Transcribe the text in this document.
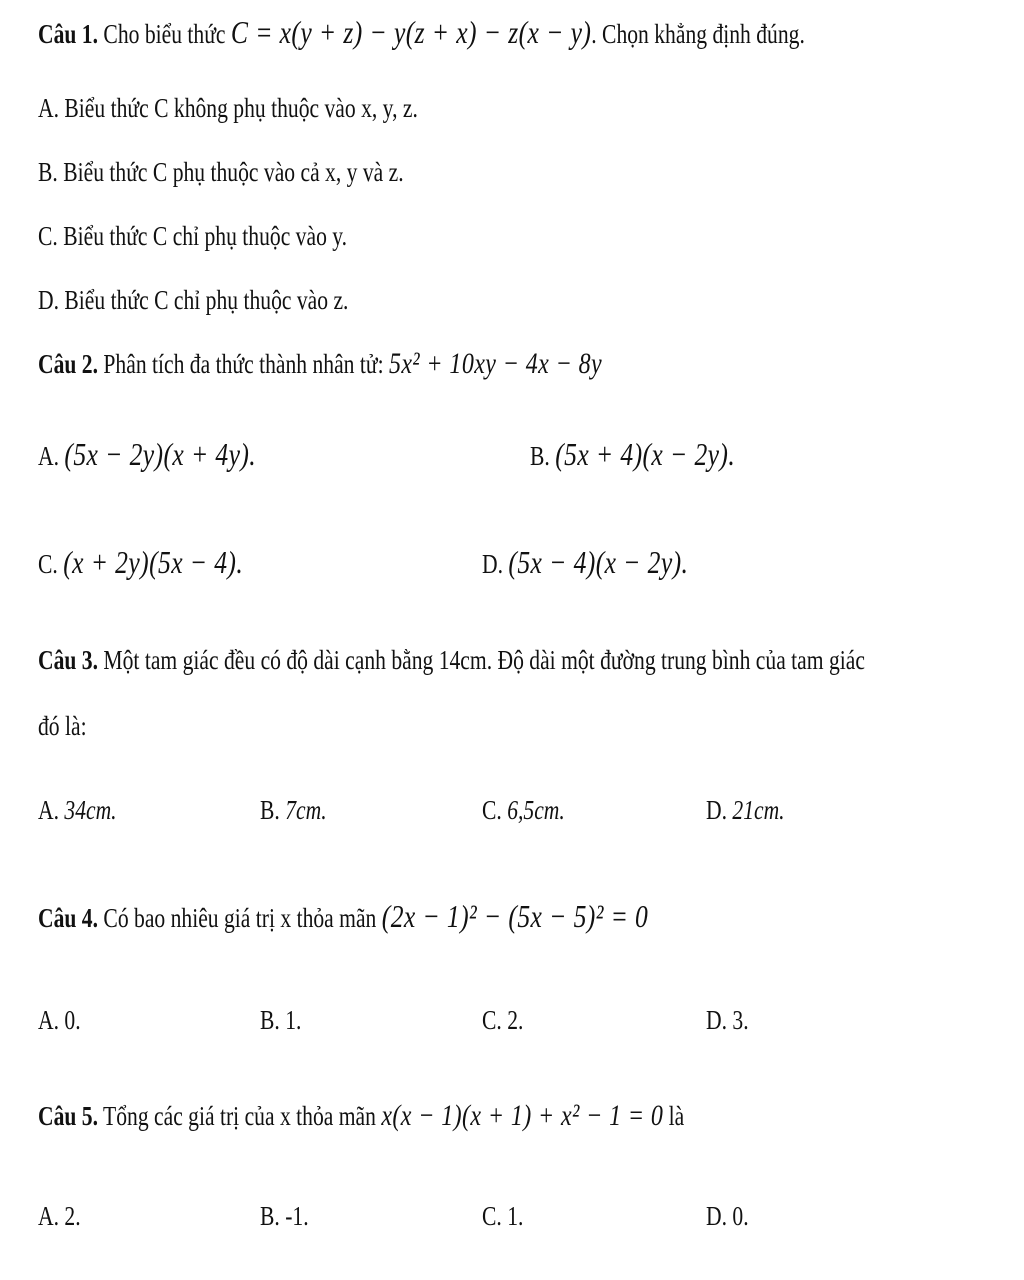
Câu 1. Cho biểu thức C = x(y + z) − y(z + x) − z(x − y). Chọn khẳng định đúng.
A. Biểu thức C không phụ thuộc vào x, y, z.
B. Biểu thức C phụ thuộc vào cả x, y và z.
C. Biểu thức C chỉ phụ thuộc vào y.
D. Biểu thức C chỉ phụ thuộc vào z.
Câu 2. Phân tích đa thức thành nhân tử: 5x² + 10xy − 4x − 8y
A. (5x − 2y)(x + 4y).	B. (5x + 4)(x − 2y).
C. (x + 2y)(5x − 4).	D. (5x − 4)(x − 2y).
Câu 3. Một tam giác đều có độ dài cạnh bằng 14cm. Độ dài một đường trung bình của tam giác
đó là:
A. 34cm.	B. 7cm.	C. 6,5cm.	D. 21cm.
Câu 4. Có bao nhiêu giá trị x thỏa mãn (2x − 1)² − (5x − 5)² = 0
A. 0.	B. 1.	C. 2.	D. 3.
Câu 5. Tổng các giá trị của x thỏa mãn x(x − 1)(x + 1) + x² − 1 = 0 là
A. 2.	B. -1.	C. 1.	D. 0.
